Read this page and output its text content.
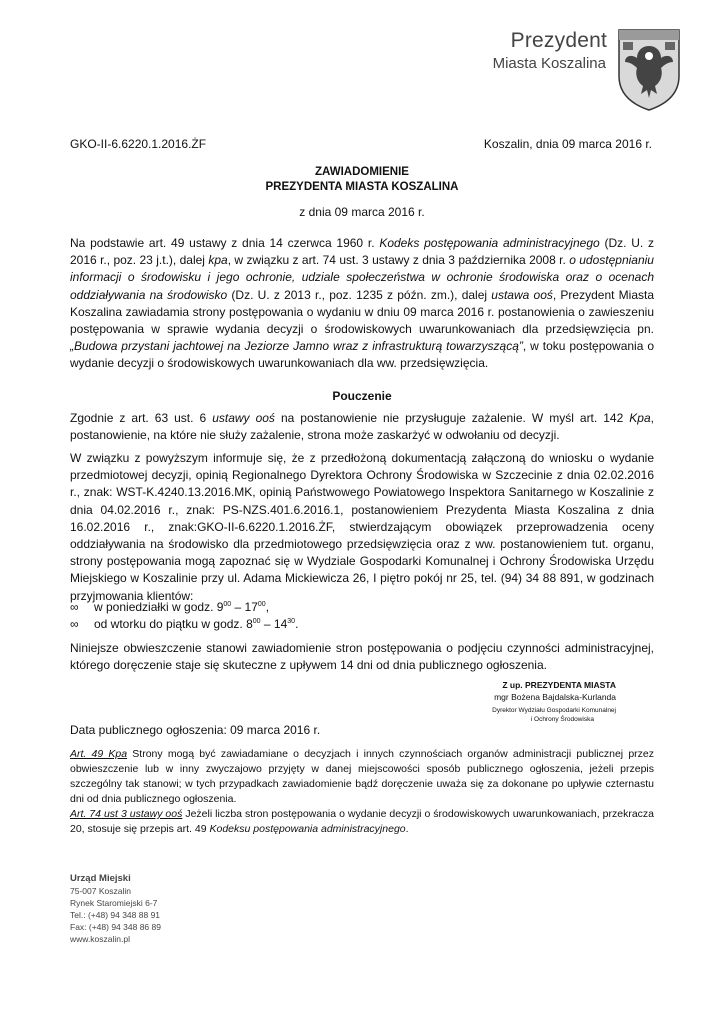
Prezydent
Miasta Koszalina
GKO-II-6.6220.1.2016.ŻF	Koszalin, dnia 09 marca 2016 r.
ZAWIADOMIENIE
PREZYDENTA MIASTA KOSZALINA
z dnia 09 marca 2016 r.
Na podstawie art. 49 ustawy z dnia 14 czerwca 1960 r. Kodeks postępowania administracyjnego (Dz. U. z 2016 r., poz. 23 j.t.), dalej kpa, w związku z art. 74 ust. 3 ustawy z dnia 3 października 2008 r. o udostępnianiu informacji o środowisku i jego ochronie, udziale społeczeństwa w ochronie środowiska oraz o ocenach oddziaływania na środowisko (Dz. U. z 2013 r., poz. 1235 z późn. zm.), dalej ustawa ooś, Prezydent Miasta Koszalina zawiadamia strony postępowania o wydaniu w dniu 09 marca 2016 r. postanowienia o zawieszeniu postępowania w sprawie wydania decyzji o środowiskowych uwarunkowaniach dla przedsięwzięcia pn. „Budowa przystani jachtowej na Jeziorze Jamno wraz z infrastrukturą towarzyszącą”, w toku postępowania o wydanie decyzji o środowiskowych uwarunkowaniach dla ww. przedsięwzięcia.
Pouczenie
Zgodnie z art. 63 ust. 6 ustawy ooś na postanowienie nie przysługuje zażalenie. W myśl art. 142 Kpa, postanowienie, na które nie służy zażalenie, strona może zaskarżyć w odwołaniu od decyzji.
W związku z powyższym informuje się, że z przedłożoną dokumentacją załączoną do wniosku o wydanie przedmiotowej decyzji, opinią Regionalnego Dyrektora Ochrony Środowiska w Szczecinie z dnia 02.02.2016 r., znak: WST-K.4240.13.2016.MK, opinią Państwowego Powiatowego Inspektora Sanitarnego w Koszalinie z dnia 04.02.2016 r., znak: PS-NZS.401.6.2016.1, postanowieniem Prezydenta Miasta Koszalina z dnia 16.02.2016 r., znak:GKO-II-6.6220.1.2016.ŻF, stwierdzającym obowiązek przeprowadzenia oceny oddziaływania na środowisko dla przedmiotowego przedsięwzięcia oraz z ww. postanowieniem tut. organu, strony postępowania mogą zapoznać się w Wydziale Gospodarki Komunalnej i Ochrony Środowiska Urzędu Miejskiego w Koszalinie przy ul. Adama Mickiewicza 26, I piętro pokój nr 25, tel. (94) 34 88 891, w godzinach przyjmowania klientów:
∞	w poniedziałki w godz. $9^{00} - 17^{00}$,
∞	od wtorku do piątku w godz. $8^{00} - 14^{30}$.
Niniejsze obwieszczenie stanowi zawiadomienie stron postępowania o podjęciu czynności administracyjnej, którego doręczenie staje się skuteczne z upływem 14 dni od dnia publicznego ogłoszenia.
Z up. PREZYDENTA MIASTA
mgr Bożena Bajdalska-Kurlanda
Dyrektor Wydziału Gospodarki Komunalnej
i Ochrony Środowiska
Data publicznego ogłoszenia: 09 marca 2016 r.
Art. 49 Kpa Strony mogą być zawiadamiane o decyzjach i innych czynnościach organów administracji publicznej przez obwieszczenie lub w inny zwyczajowo przyjęty w danej miejscowości sposób publicznego ogłoszenia, jeżeli przepis szczególny tak stanowi; w tych przypadkach zawiadomienie bądź doręczenie uważa się za dokonane po upływie czternastu dni od dnia publicznego ogłoszenia.
Art. 74 ust 3 ustawy ooś Jeżeli liczba stron postępowania o wydanie decyzji o środowiskowych uwarunkowaniach, przekracza 20, stosuje się przepis art. 49 Kodeksu postępowania administracyjnego.
Urząd Miejski
75-007 Koszalin
Rynek Staromiejski 6-7
Tel.: (+48) 94 348 88 91
Fax: (+48) 94 348 86 89
www.koszalin.pl
